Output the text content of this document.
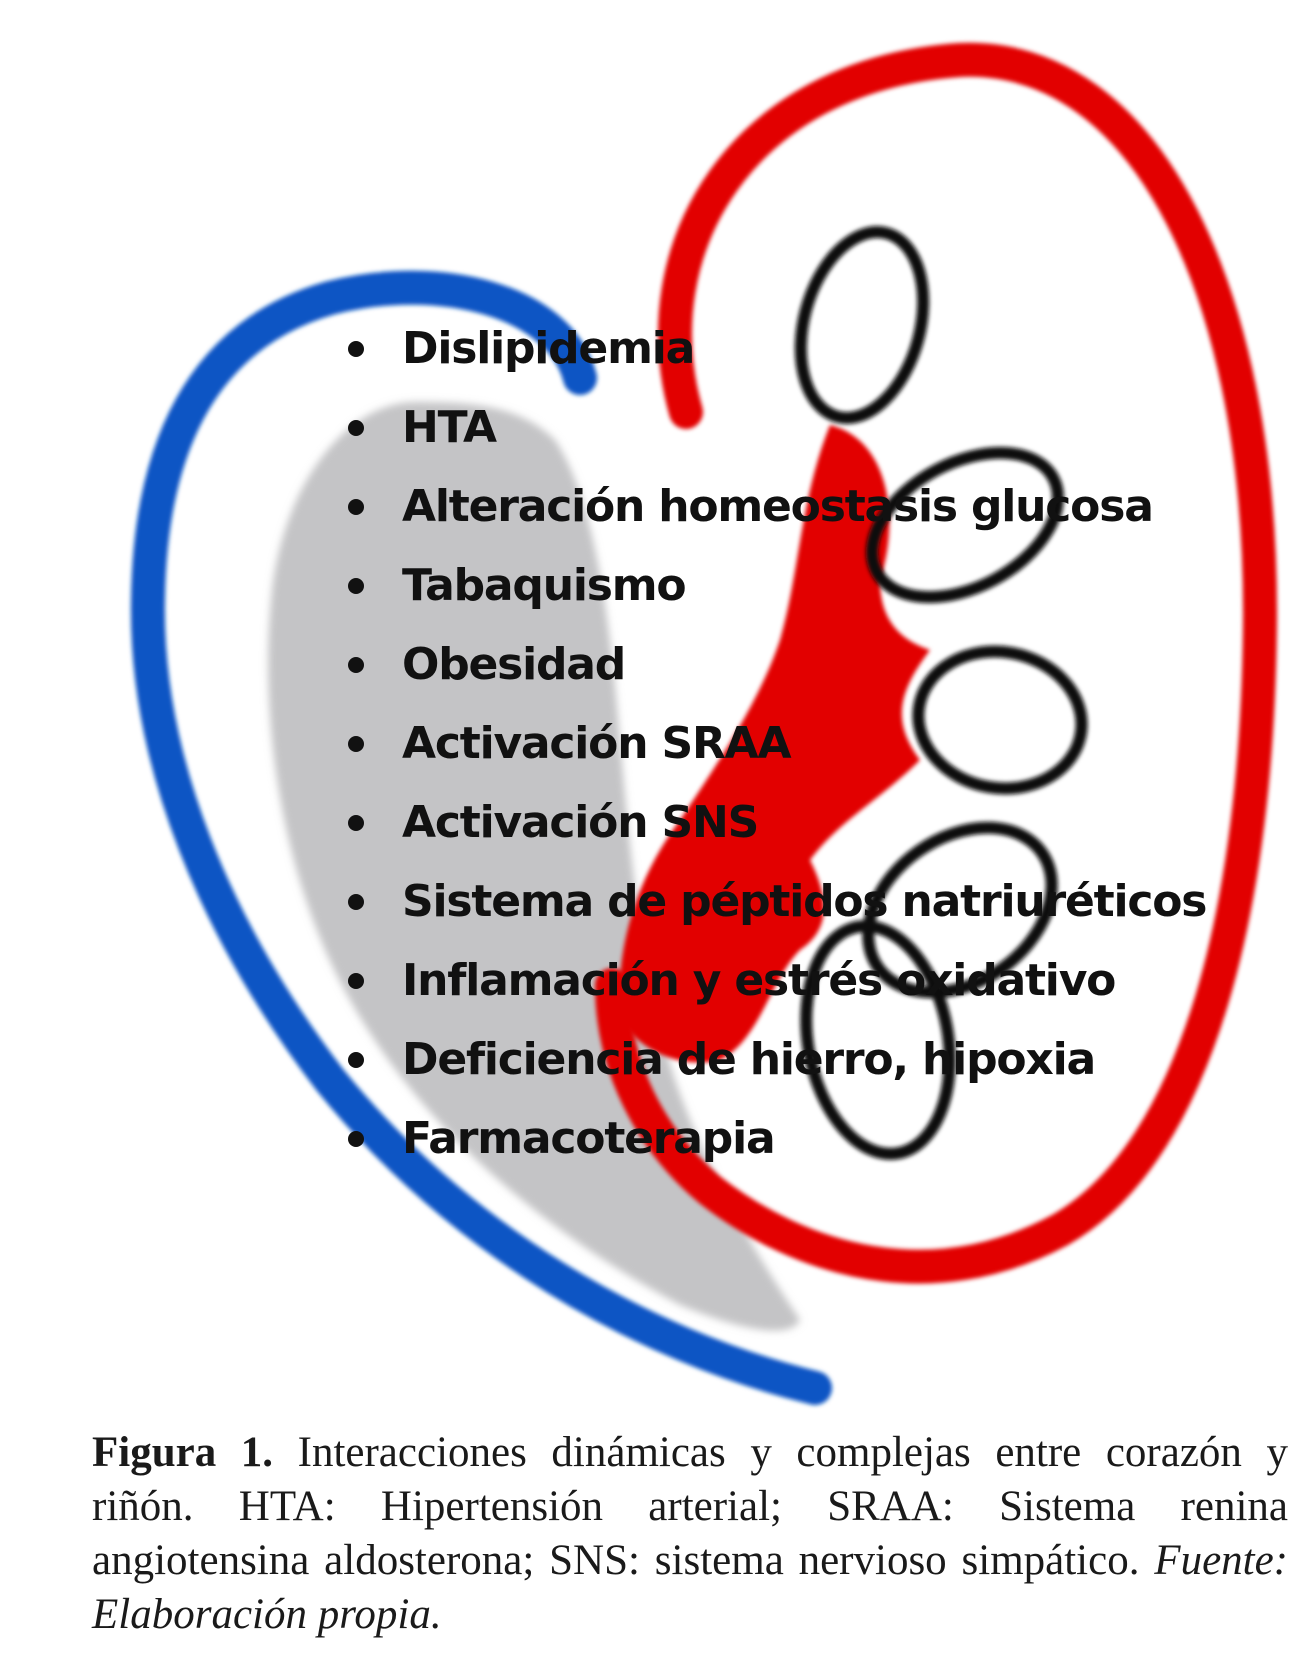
Dislipidemia
HTA
Alteración homeostasis glucosa
Tabaquismo
Obesidad
Activación SRAA
Activación SNS
Sistema de péptidos natriuréticos
Inflamación y estrés oxidativo
Deficiencia de hierro, hipoxia
Farmacoterapia

Figura 1. Interacciones dinámicas y complejas entre corazón y riñón. HTA: Hipertensión arterial; SRAA: Sistema renina angiotensina aldosterona; SNS: sistema nervioso simpático. Fuente: Elaboración propia.
